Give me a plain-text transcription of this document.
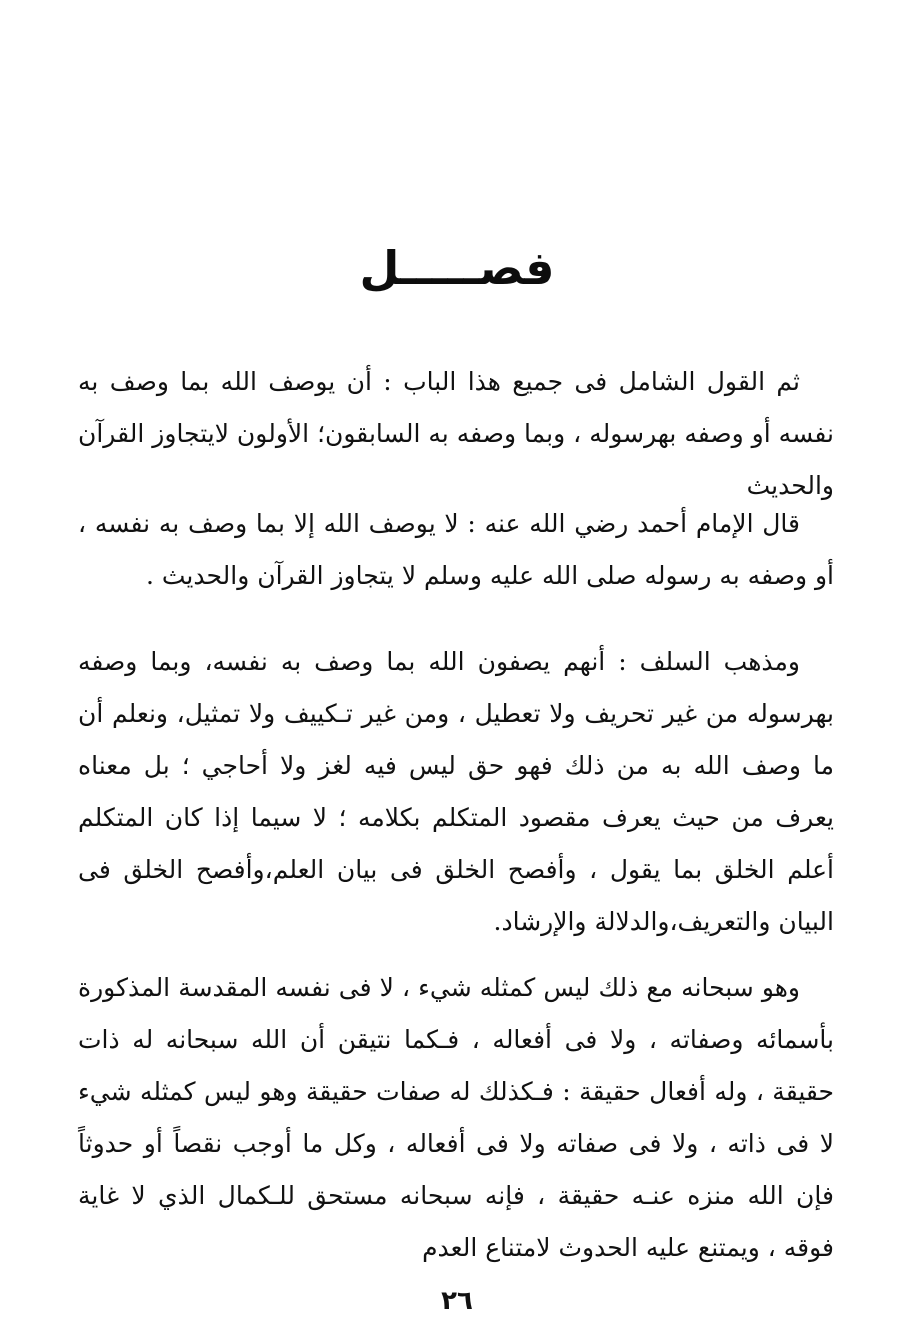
فصـــــل

ثم القول الشامل فى جميع هذا الباب : أن يوصف الله بما وصف به نفسه أو وصفه بهرسوله ، وبما وصفه به السابقون؛ الأولون لايتجاوز القرآن والحديث

قال الإمام أحمد رضي الله عنه : لا يوصف الله إلا بما وصف به نفسه ، أو وصفه به رسوله صلى الله عليه وسلم لا يتجاوز القرآن والحديث .

ومذهب السلف : أنهم يصفون الله بما وصف به نفسه، وبما وصفه بهرسوله من غير تحريف ولا تعطيل ، ومن غير تـكييف ولا تمثيل، ونعلم أن ما وصف الله به من ذلك فهو حق ليس فيه لغز ولا أحاجي ؛ بل معناه يعرف من حيث يعرف مقصود المتكلم بكلامه ؛ لا سيما إذا كان المتكلم أعلم الخلق بما يقول ، وأفصح الخلق فى بيان العلم،وأفصح الخلق فى البيان والتعريف،والدلالة والإرشاد.

وهو سبحانه مع ذلك ليس كمثله شيء ، لا فى نفسه المقدسة المذكورة بأسمائه وصفاته ، ولا فى أفعاله ، فـكما نتيقن أن الله سبحانه له ذات حقيقة ، وله أفعال حقيقة : فـكذلك له صفات حقيقة وهو ليس كمثله شيء لا فى ذاته ، ولا فى صفاته ولا فى أفعاله ، وكل ما أوجب نقصاً أو حدوثاً فإن الله منزه عنـه حقيقة ، فإنه سبحانه مستحق للـكمال الذي لا غاية فوقه ، ويمتنع عليه الحدوث لامتناع العدم

٢٦
